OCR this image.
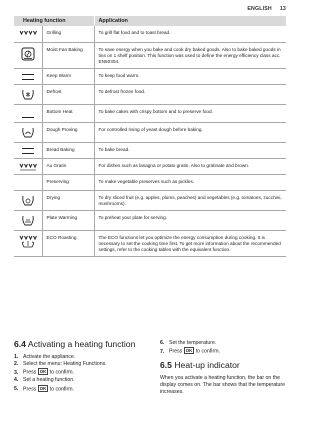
ENGLISH 13
Heating function		Application

	Grilling	To grill flat food and to toast bread.

	Moist Fan Baking	To save energy when you bake and cook dry baked goods. Also to bake baked goods in tins on 1 shelf position. This function was used to define the energy efficiency class acc. EN50304.

	Keep Warm	To keep food warm.

	Defrost	To defrost frozen food.

	Bottom Heat	To bake cakes with crispy bottom and to preserve food.

	Dough Proving	For controlled rising of yeast dough before baking.

	Bread Baking	To bake bread.

	Au Gratin	For dishes such as lasagna or potato gratin. Also to gratinate and brown.
	Preserving	To make vegetable preserves such as pickles.

	Drying	To dry sliced fruit (e.g. apples, plums, peaches) and vegetables (e.g. tomatoes, zucchini, mushrooms).

	Plate Warming	To preheat your plate for serving.

	ECO Roasting	The ECO functions let you optimize the energy consumption during cooking. It is necessary to set the cooking time first. To get more information about the recommended settings, refer to the cooking tables with the equivalent function.
6.4 Activating a heating function
1. Activate the appliance.
2. Select the menu: Heating Functions.
3. Press OK to confirm.
4. Set a heating function.
5. Press OK to confirm.
6. Set the temperature.
7. Press OK to confirm.
6.5 Heat-up indicator

When you activate a heating function, the bar on the display comes on. The bar shows that the temperature increases.
